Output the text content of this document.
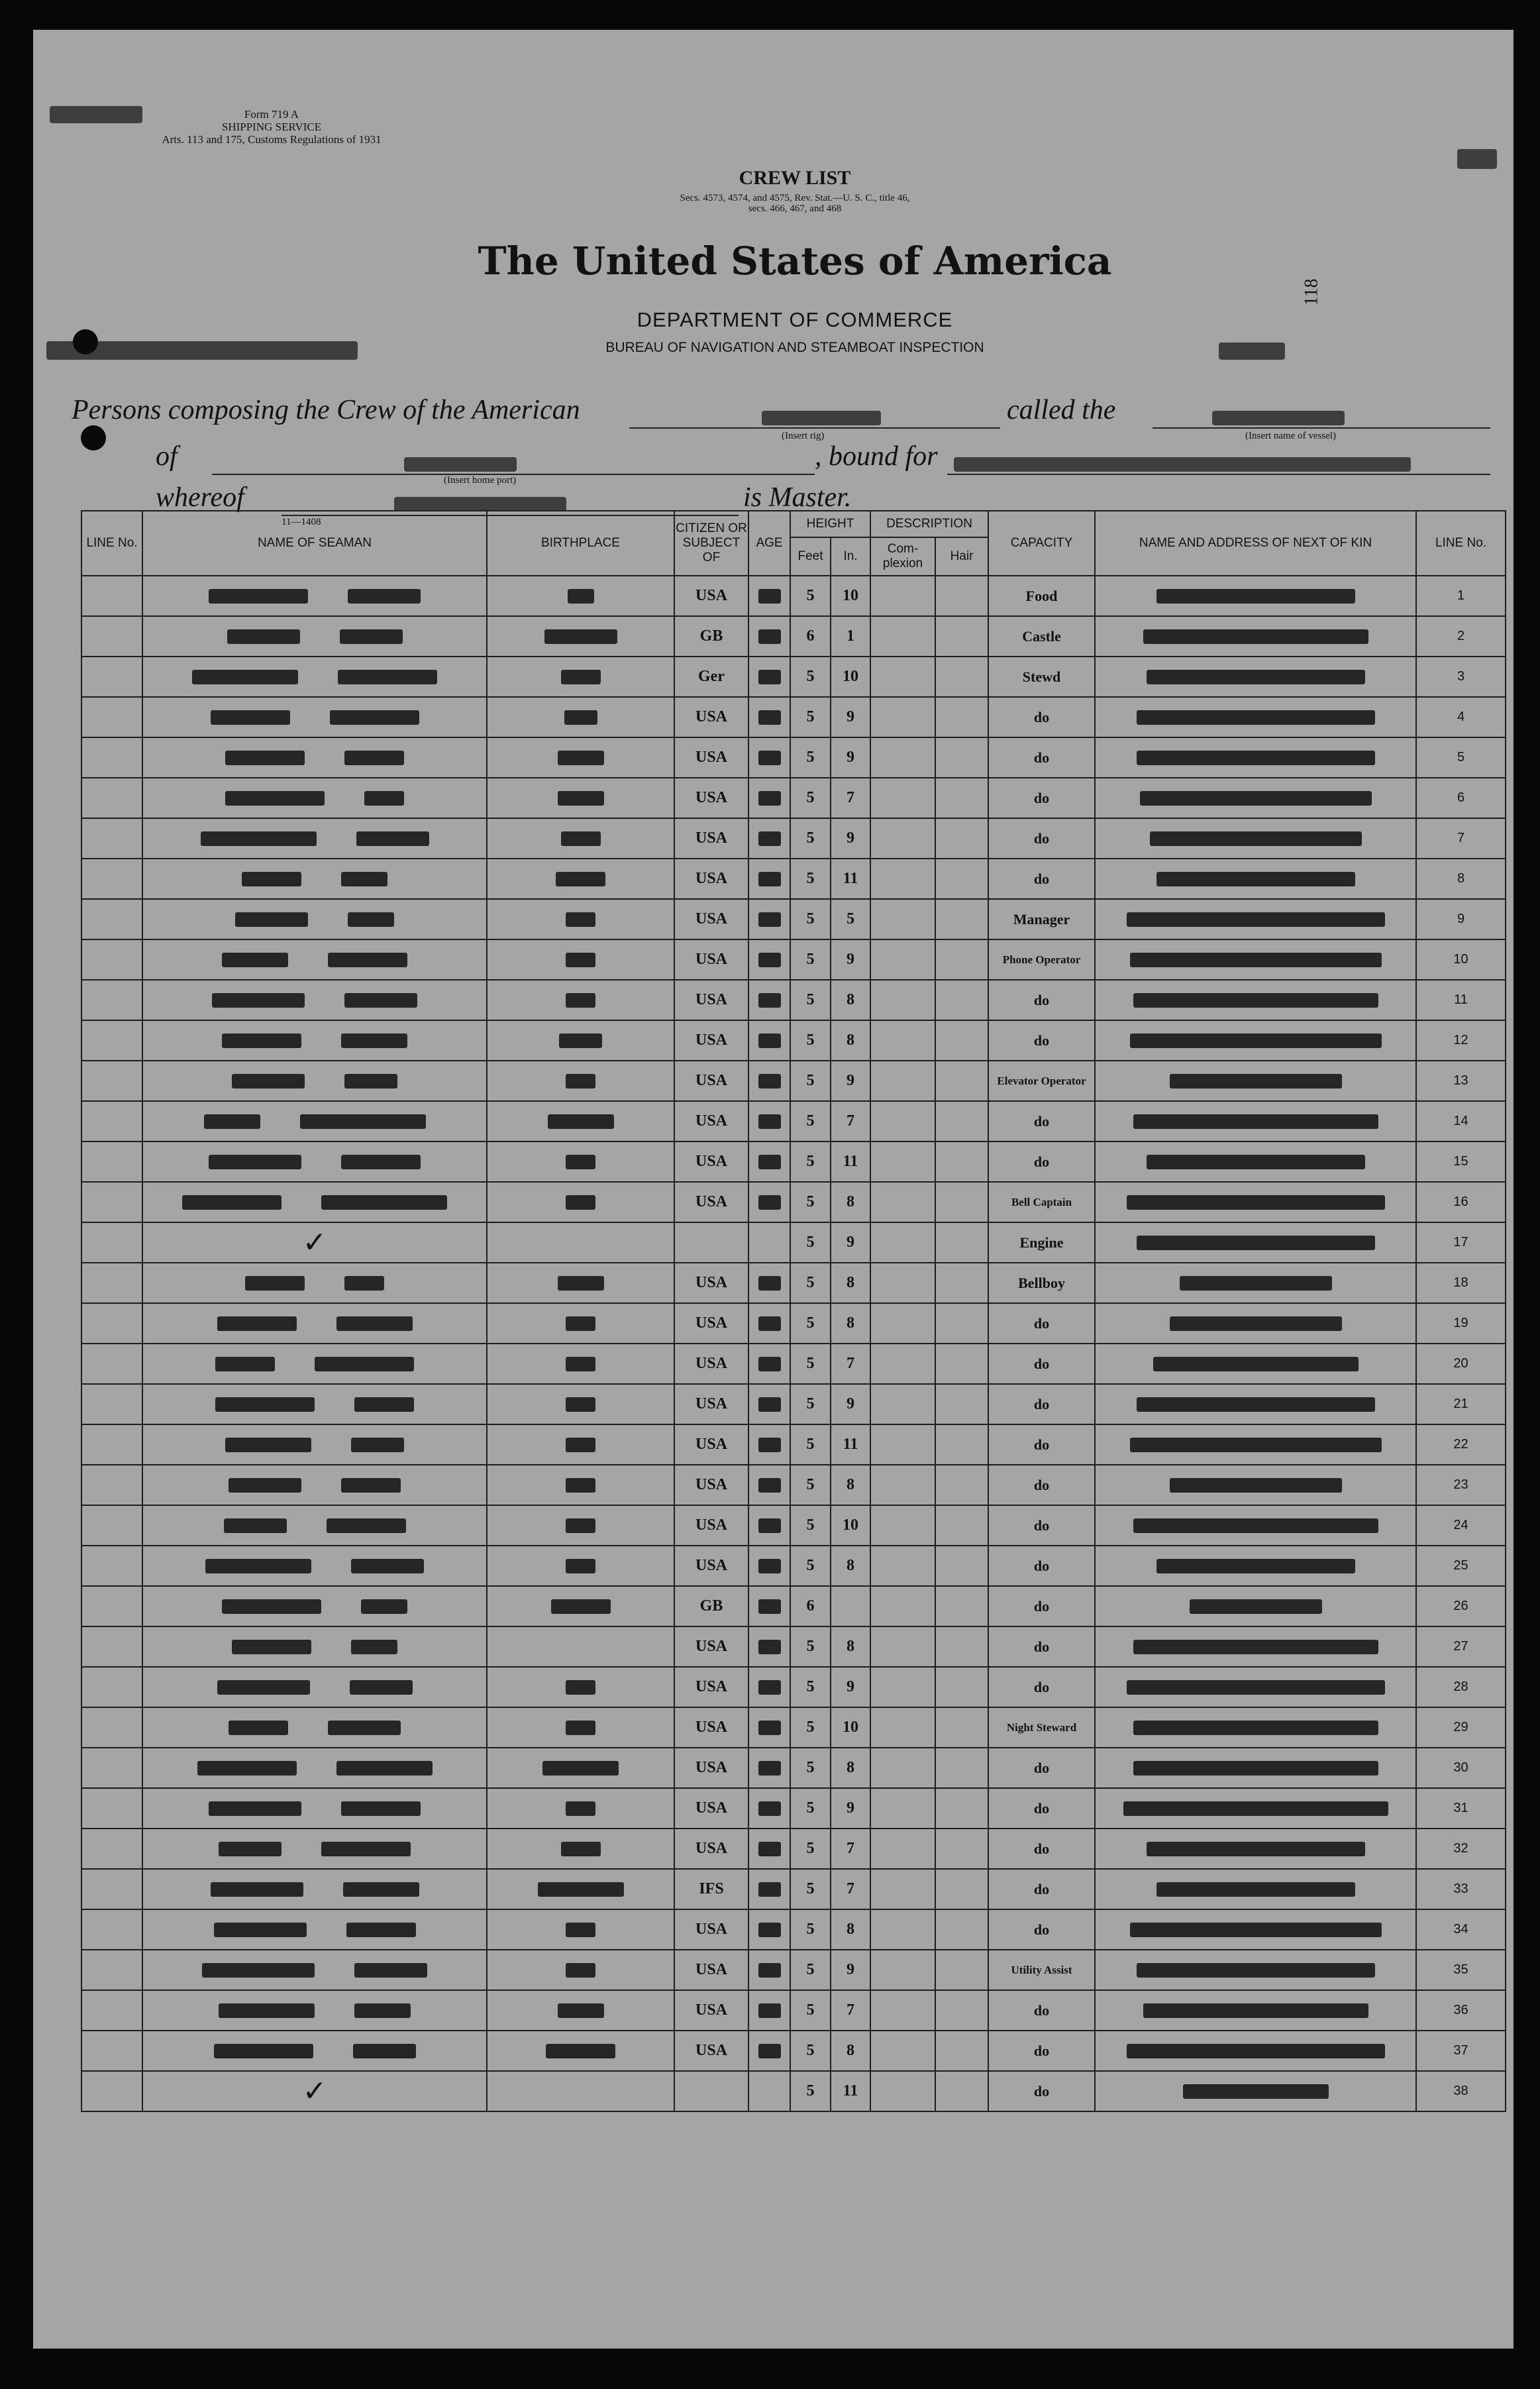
Form 719 A
SHIPPING SERVICE
Arts. 113 and 175, Customs Regulations of 1931
CREW LIST
Secs. 4573, 4574, and 4575, Rev. Stat.—U. S. C., title 46,
secs. 466, 467, and 468
The United States of America
DEPARTMENT OF COMMERCE
BUREAU OF NAVIGATION AND STEAMBOAT INSPECTION
118
Persons composing the Crew of the American
(Insert rig)
called the
(Insert name of vessel)
of
(Insert home port)
, bound for
whereof
11—1408
is Master.
LINE No.	NAME OF SEAMAN	BIRTHPLACE	CITIZEN OR SUBJECT OF	AGE	HEIGHT		DESCRIPTION		CAPACITY	NAME AND ADDRESS OF NEXT OF KIN	LINE No.
					Feet	In.	Com-plexion	Hair			
			USA		5	10			Food		1
			GB		6	1			Castle		2
			Ger		5	10			Stewd		3
			USA		5	9			do		4
			USA		5	9			do		5
			USA		5	7			do		6
			USA		5	9			do		7
			USA		5	11			do		8
			USA		5	5			Manager		9
			USA		5	9			Phone Operator		10
			USA		5	8			do		11
			USA		5	8			do		12
			USA		5	9			Elevator Operator		13
			USA		5	7			do		14
			USA		5	11			do		15
			USA		5	8			Bell Captain		16
	✓				5	9			Engine		17
			USA		5	8			Bellboy		18
			USA		5	8			do		19
			USA		5	7			do		20
			USA		5	9			do		21
			USA		5	11			do		22
			USA		5	8			do		23
			USA		5	10			do		24
			USA		5	8			do		25
			GB		6				do		26
			USA		5	8			do		27
			USA		5	9			do		28
			USA		5	10			Night Steward		29
			USA		5	8			do		30
			USA		5	9			do		31
			USA		5	7			do		32
			IFS		5	7			do		33
			USA		5	8			do		34
			USA		5	9			Utility Assist		35
			USA		5	7			do		36
			USA		5	8			do		37
	✓				5	11			do		38
